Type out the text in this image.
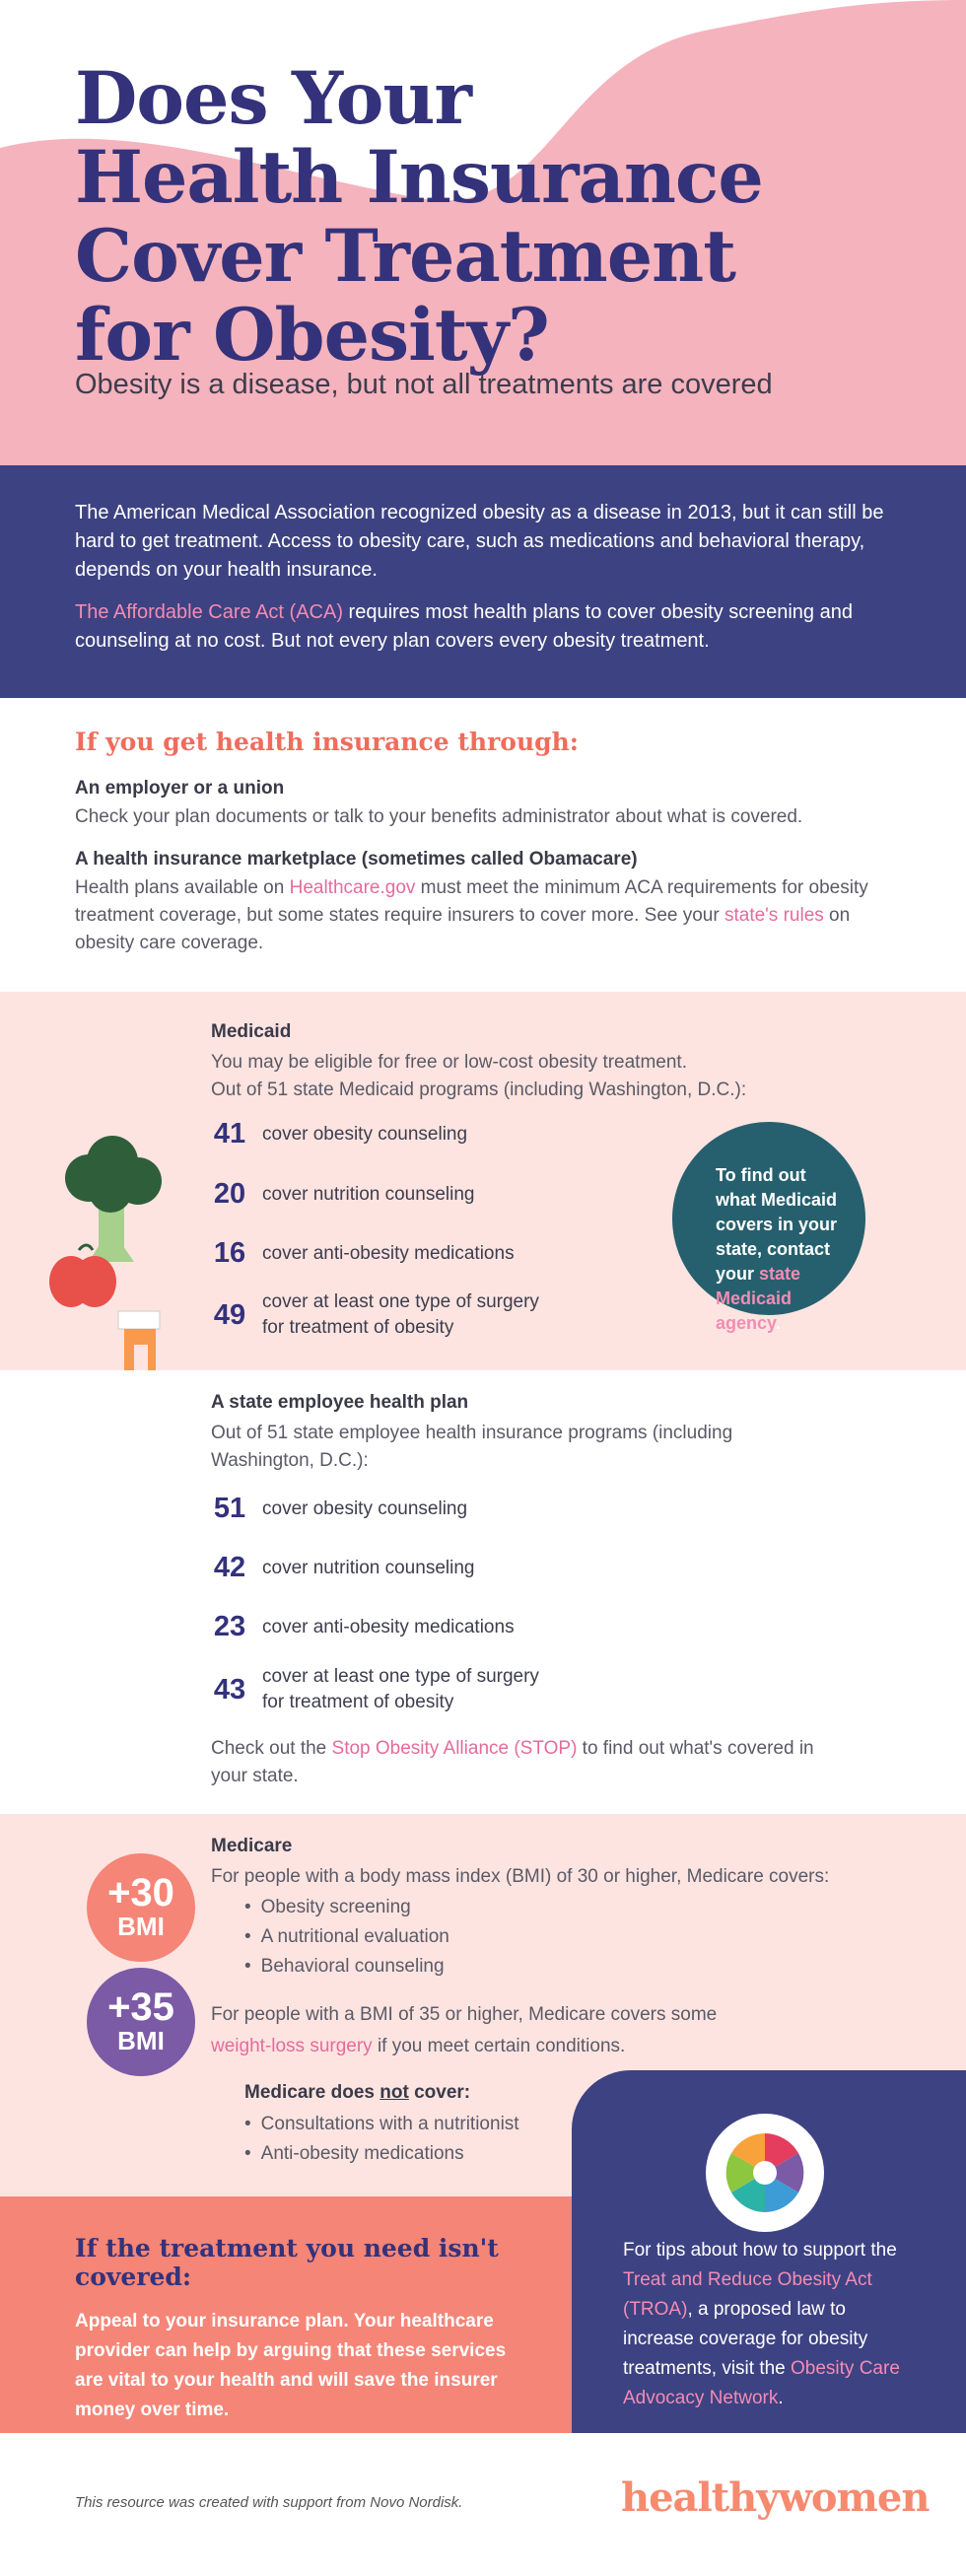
Does Your
Health Insurance
Cover Treatment
for Obesity?
Obesity is a disease, but not all treatments are covered

The American Medical Association recognized obesity as a disease in 2013, but it can still be hard to get treatment. Access to obesity care, such as medications and behavioral therapy, depends on your health insurance.

The Affordable Care Act (ACA) requires most health plans to cover obesity screening and counseling at no cost. But not every plan covers every obesity treatment.

If you get health insurance through:
An employer or a union

Check your plan documents or talk to your benefits administrator about what is covered.

A health insurance marketplace (sometimes called Obamacare)

Health plans available on Healthcare.gov must meet the minimum ACA requirements for obesity treatment coverage, but some states require insurers to cover more. See your state's rules on obesity care coverage.

Medicaid

You may be eligible for free or low-cost obesity treatment.

Out of 51 state Medicaid programs (including Washington, D.C.):

41 cover obesity counseling
20 cover nutrition counseling
16 cover anti-obesity medications
49 cover at least one type of surgery
for treatment of obesity
To find out what Medicaid covers in your state, contact your state Medicaid agency.
A state employee health plan

Out of 51 state employee health insurance programs (including Washington, D.C.):

51 cover obesity counseling
42 cover nutrition counseling
23 cover anti-obesity medications
43 cover at least one type of surgery
for treatment of obesity

Check out the Stop Obesity Alliance (STOP) to find out what's covered in your state.

+30
BMI
+35
BMI
Medicare

For people with a body mass index (BMI) of 30 or higher, Medicare covers:

• Obesity screening
• A nutritional evaluation
• Behavioral counseling

For people with a BMI of 35 or higher, Medicare covers some weight-loss surgery if you meet certain conditions.

Medicare does not cover:
• Consultations with a nutritionist
• Anti-obesity medications
If the treatment you need isn't covered:

Appeal to your insurance plan. Your healthcare provider can help by arguing that these services are vital to your health and will save the insurer money over time.

For tips about how to support the Treat and Reduce Obesity Act (TROA), a proposed law to increase coverage for obesity treatments, visit the Obesity Care Advocacy Network.

This resource was created with support from Novo Nordisk.	healthywomen
